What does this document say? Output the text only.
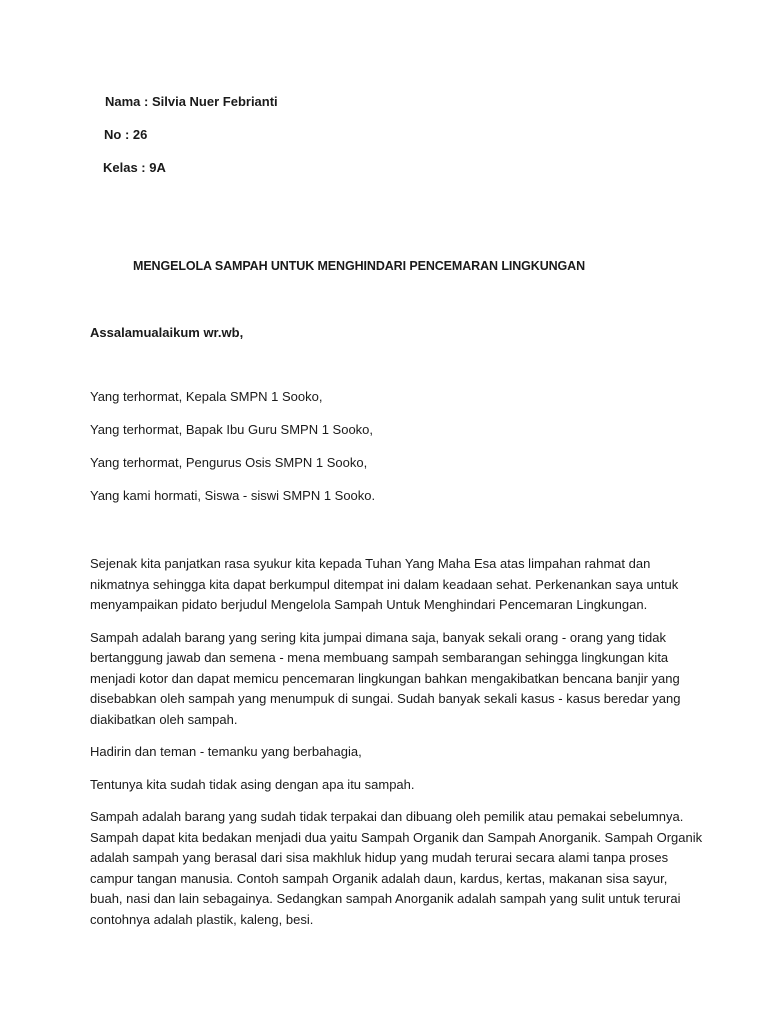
Nama : Silvia Nuer Febrianti
No : 26
Kelas : 9A
MENGELOLA SAMPAH UNTUK MENGHINDARI PENCEMARAN LINGKUNGAN
Assalamualaikum wr.wb,
Yang terhormat, Kepala SMPN 1 Sooko,
Yang terhormat, Bapak Ibu Guru SMPN 1 Sooko,
Yang terhormat, Pengurus Osis SMPN 1 Sooko,
Yang kami hormati, Siswa - siswi SMPN 1 Sooko.

Sejenak kita panjatkan rasa syukur kita kepada Tuhan Yang Maha Esa atas limpahan rahmat dan
nikmatnya sehingga kita dapat berkumpul ditempat ini dalam keadaan sehat. Perkenankan saya untuk
menyampaikan pidato berjudul Mengelola Sampah Untuk Menghindari Pencemaran Lingkungan.

Sampah adalah barang yang sering kita jumpai dimana saja, banyak sekali orang - orang yang tidak
bertanggung jawab dan semena - mena membuang sampah sembarangan sehingga lingkungan kita
menjadi kotor dan dapat memicu pencemaran lingkungan bahkan mengakibatkan bencana banjir yang
disebabkan oleh sampah yang menumpuk di sungai. Sudah banyak sekali kasus - kasus beredar yang
diakibatkan oleh sampah.

Hadirin dan teman - temanku yang berbahagia,

Tentunya kita sudah tidak asing dengan apa itu sampah.

Sampah adalah barang yang sudah tidak terpakai dan dibuang oleh pemilik atau pemakai sebelumnya.
Sampah dapat kita bedakan menjadi dua yaitu Sampah Organik dan Sampah Anorganik. Sampah Organik
adalah sampah yang berasal dari sisa makhluk hidup yang mudah terurai secara alami tanpa proses
campur tangan manusia. Contoh sampah Organik adalah daun, kardus, kertas, makanan sisa sayur,
buah, nasi dan lain sebagainya. Sedangkan sampah Anorganik adalah sampah yang sulit untuk terurai
contohnya adalah plastik, kaleng, besi.
